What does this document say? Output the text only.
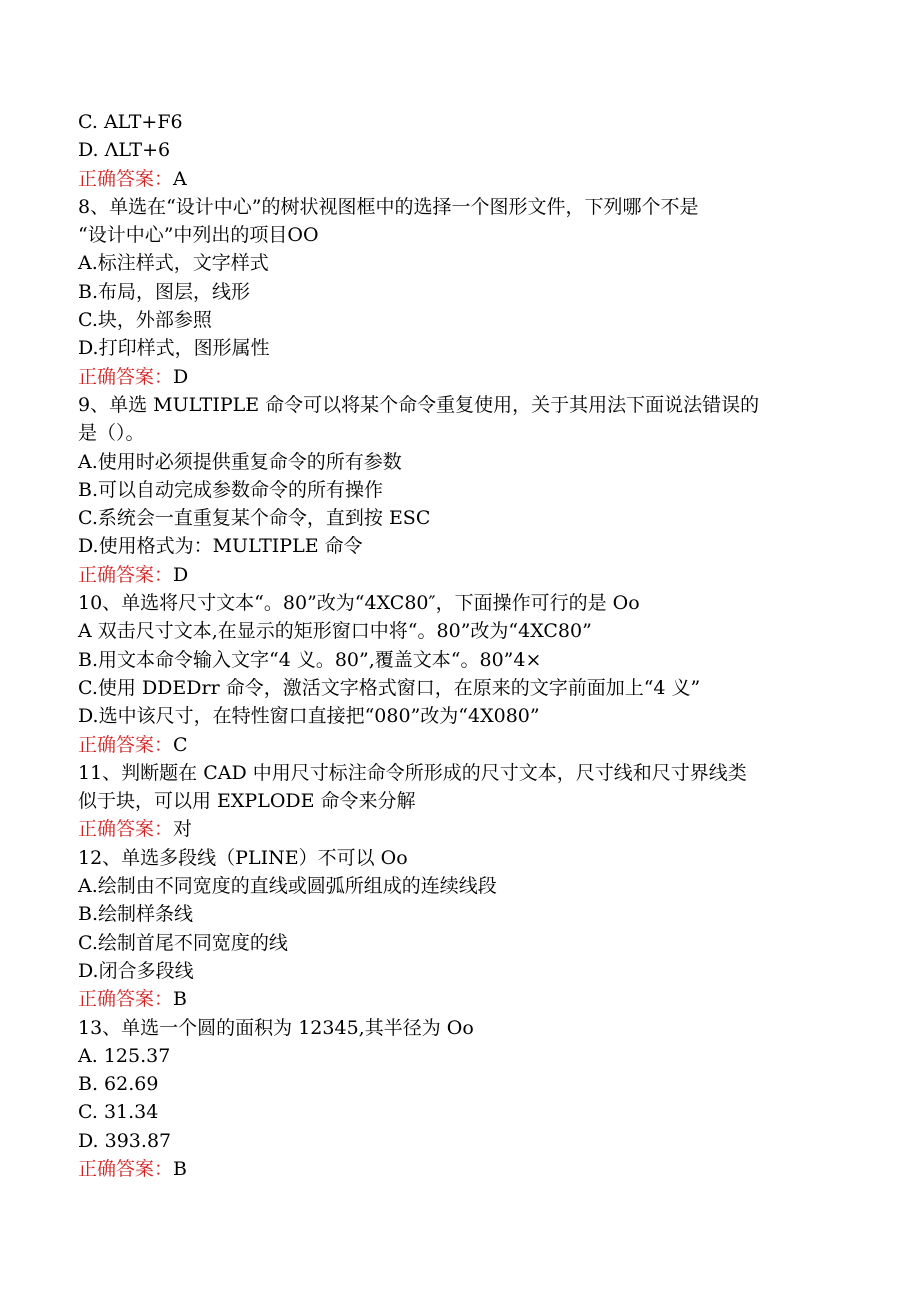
C. ALT+F6
D. ΛLT+6
正确答案：A
8、单选在“设计中心”的树状视图框中的选择一个图形文件，下列哪个不是
“设计中心”中列出的项目OO
A.标注样式，文字样式
B.布局，图层，线形
C.块，外部参照
D.打印样式，图形属性
正确答案：D
9、单选 MULTIPLE 命令可以将某个命令重复使用，关于其用法下面说法错误的
是（）。
A.使用时必须提供重复命令的所有参数
B.可以自动完成参数命令的所有操作
C.系统会一直重复某个命令，直到按 ESC
D.使用格式为：MULTIPLE 命令
正确答案：D
10、单选将尺寸文本“。80”改为“4XC80″，下面操作可行的是 Oo
A 双击尺寸文本,在显示的矩形窗口中将“。80”改为“4XC80”
B.用文本命令输入文字“4 义。80”,覆盖文本“。80”4×
C.使用 DDEDrr 命令，激活文字格式窗口，在原来的文字前面加上“4 义”
D.选中该尺寸，在特性窗口直接把“080”改为“4X080”
正确答案：C
11、判断题在 CAD 中用尺寸标注命令所形成的尺寸文本，尺寸线和尺寸界线类
似于块，可以用 EXPLODE 命令来分解
正确答案：对
12、单选多段线（PLINE）不可以 Oo
A.绘制由不同宽度的直线或圆弧所组成的连续线段
B.绘制样条线
C.绘制首尾不同宽度的线
D.闭合多段线
正确答案：B
13、单选一个圆的面积为 12345,其半径为 Oo
A. 125.37
B. 62.69
C. 31.34
D. 393.87
正确答案：B
